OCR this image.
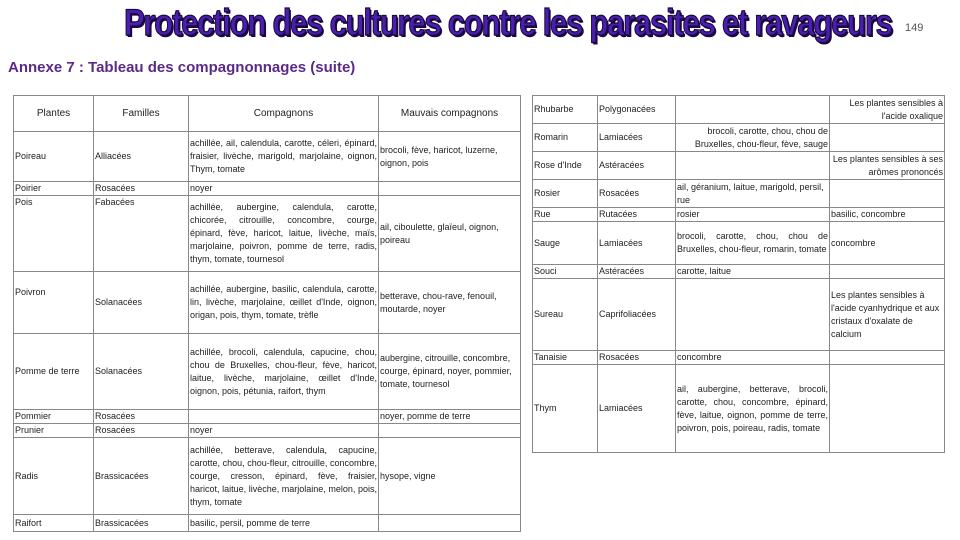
Protection des cultures contre les parasites et ravageurs 149
Annexe 7 : Tableau des compagnonnages (suite)
Plantes	Familles	Compagnons	Mauvais compagnons
Poireau	Alliacées	achillée, ail, calendula, carotte, céleri, épinard, fraisier, livèche, marigold, marjolaine, oignon, Thym, tomate	brocoli, fève, haricot, luzerne, oignon, pois
Poirier	Rosacées	noyer	
Pois	Fabacées	achillée, aubergine, calendula, carotte, chicorée, citrouille, concombre, courge, épinard, fève, haricot, laitue, livèche, maïs, marjolaine, poivron, pomme de terre, radis, thym, tomate, tournesol	ail, ciboulette, glaïeul, oignon, poireau
Poivron	Solanacées	achillée, aubergine, basilic, calendula, carotte, lin, livèche, marjolaine, œillet d'Inde, oignon, origan, pois, thym, tomate, trèfle	betterave, chou-rave, fenouil, moutarde, noyer
Pomme de terre	Solanacées	achillée, brocoli, calendula, capucine, chou, chou de Bruxelles, chou-fleur, fève, haricot, laitue, livèche, marjolaine, œillet d'Inde, oignon, pois, pétunia, raifort, thym	aubergine, citrouille, concombre, courge, épinard, noyer, pommier, tomate, tournesol
Pommier	Rosacées		noyer, pomme de terre
Prunier	Rosacées	noyer	
Radis	Brassicacées	achillée, betterave, calendula, capucine, carotte, chou, chou-fleur, citrouille, concombre, courge, cresson, épinard, fève, fraisier, haricot, laitue, livèche, marjolaine, melon, pois, thym, tomate	hysope, vigne
Raifort	Brassicacées	basilic, persil, pomme de terre	
Rhubarbe	Polygonacées		Les plantes sensibles à l'acide oxalique
Romarin	Lamiacées	brocoli, carotte, chou, chou de Bruxelles, chou-fleur, fève, sauge	
Rose d'Inde	Astéracées		Les plantes sensibles à ses arômes prononcés
Rosier	Rosacées	ail, géranium, laitue, marigold, persil, rue	
Rue	Rutacées	rosier	basilic, concombre
Sauge	Lamiacées	brocoli, carotte, chou, chou de Bruxelles, chou-fleur, romarin, tomate	concombre
Souci	Astéracées	carotte, laitue	
Sureau	Caprifoliacées		Les plantes sensibles à l'acide cyanhydrique et aux cristaux d'oxalate de calcium
Tanaisie	Rosacées	concombre	
Thym	Lamiacées	ail, aubergine, betterave, brocoli, carotte, chou, concombre, épinard, fève, laitue, oignon, pomme de terre, poivron, pois, poireau, radis, tomate	
